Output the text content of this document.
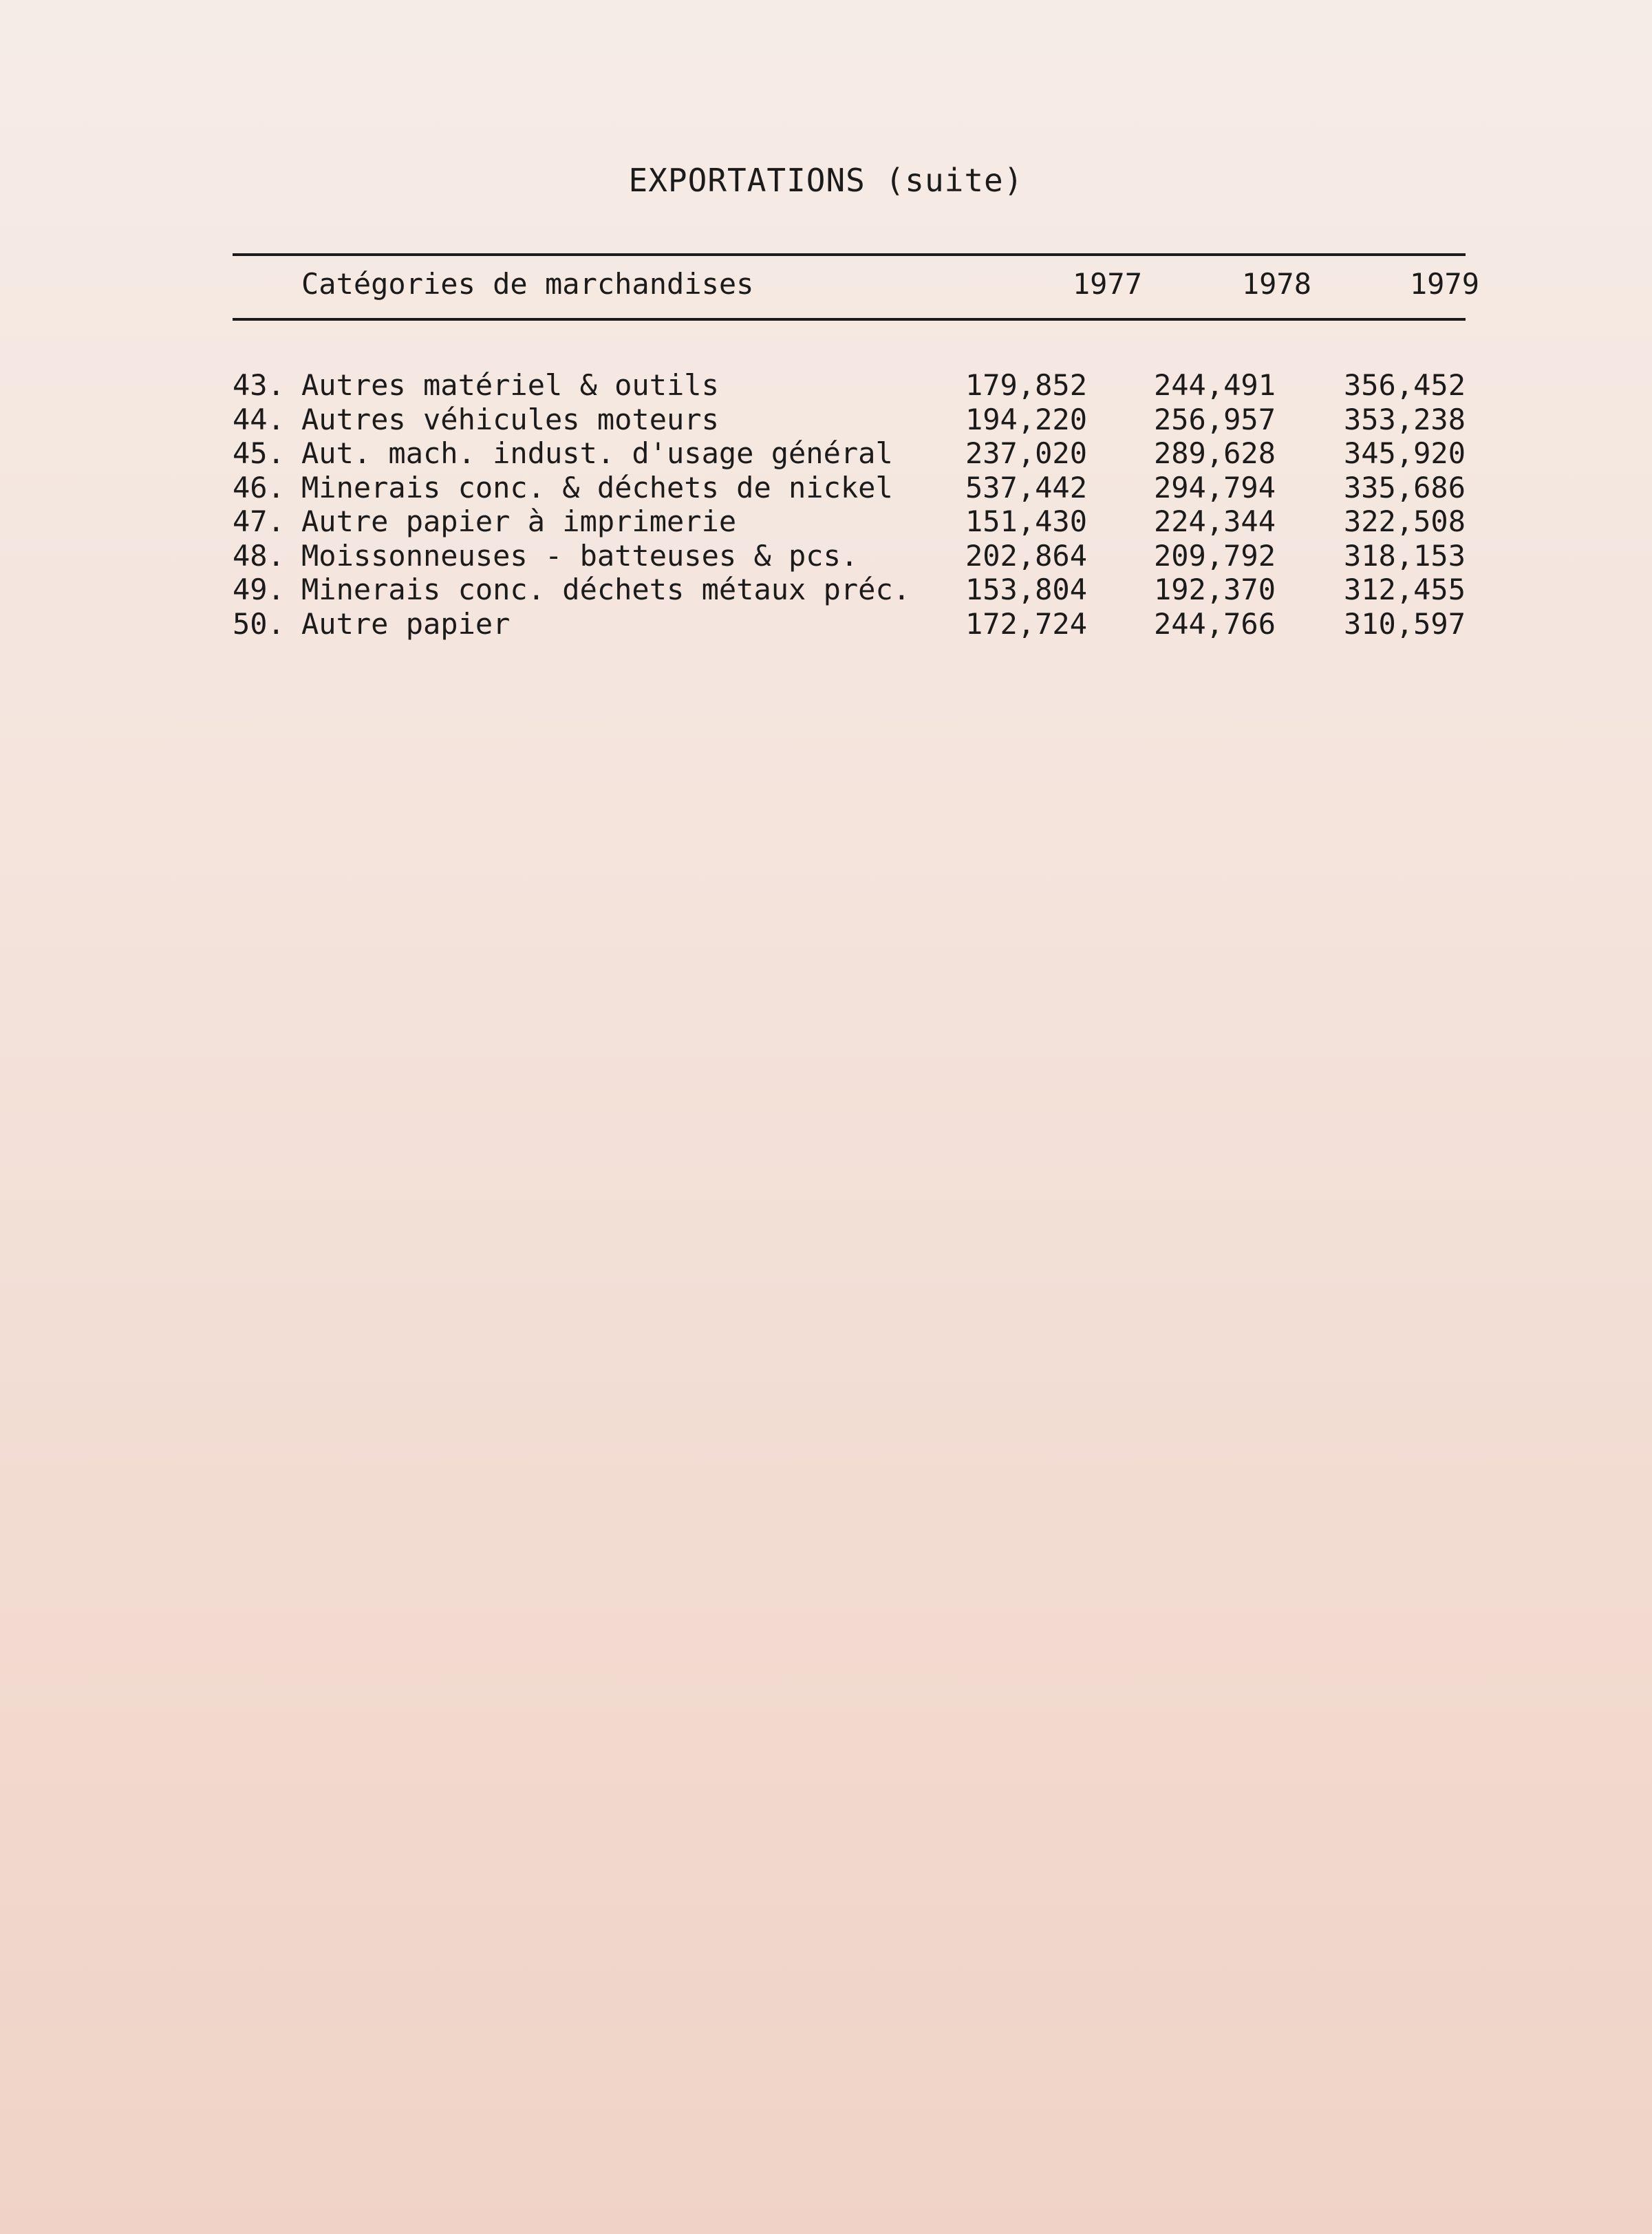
EXPORTATIONS (suite)
Catégories de marchandises	1977	1978	1979
43. Autres matériel & outils	179,852	244,491	356,452
44. Autres véhicules moteurs	194,220	256,957	353,238
45. Aut. mach. indust. d'usage général	237,020	289,628	345,920
46. Minerais conc. & déchets de nickel	537,442	294,794	335,686
47. Autre papier à imprimerie	151,430	224,344	322,508
48. Moissonneuses - batteuses & pcs.	202,864	209,792	318,153
49. Minerais conc. déchets métaux préc.	153,804	192,370	312,455
50. Autre papier	172,724	244,766	310,597
